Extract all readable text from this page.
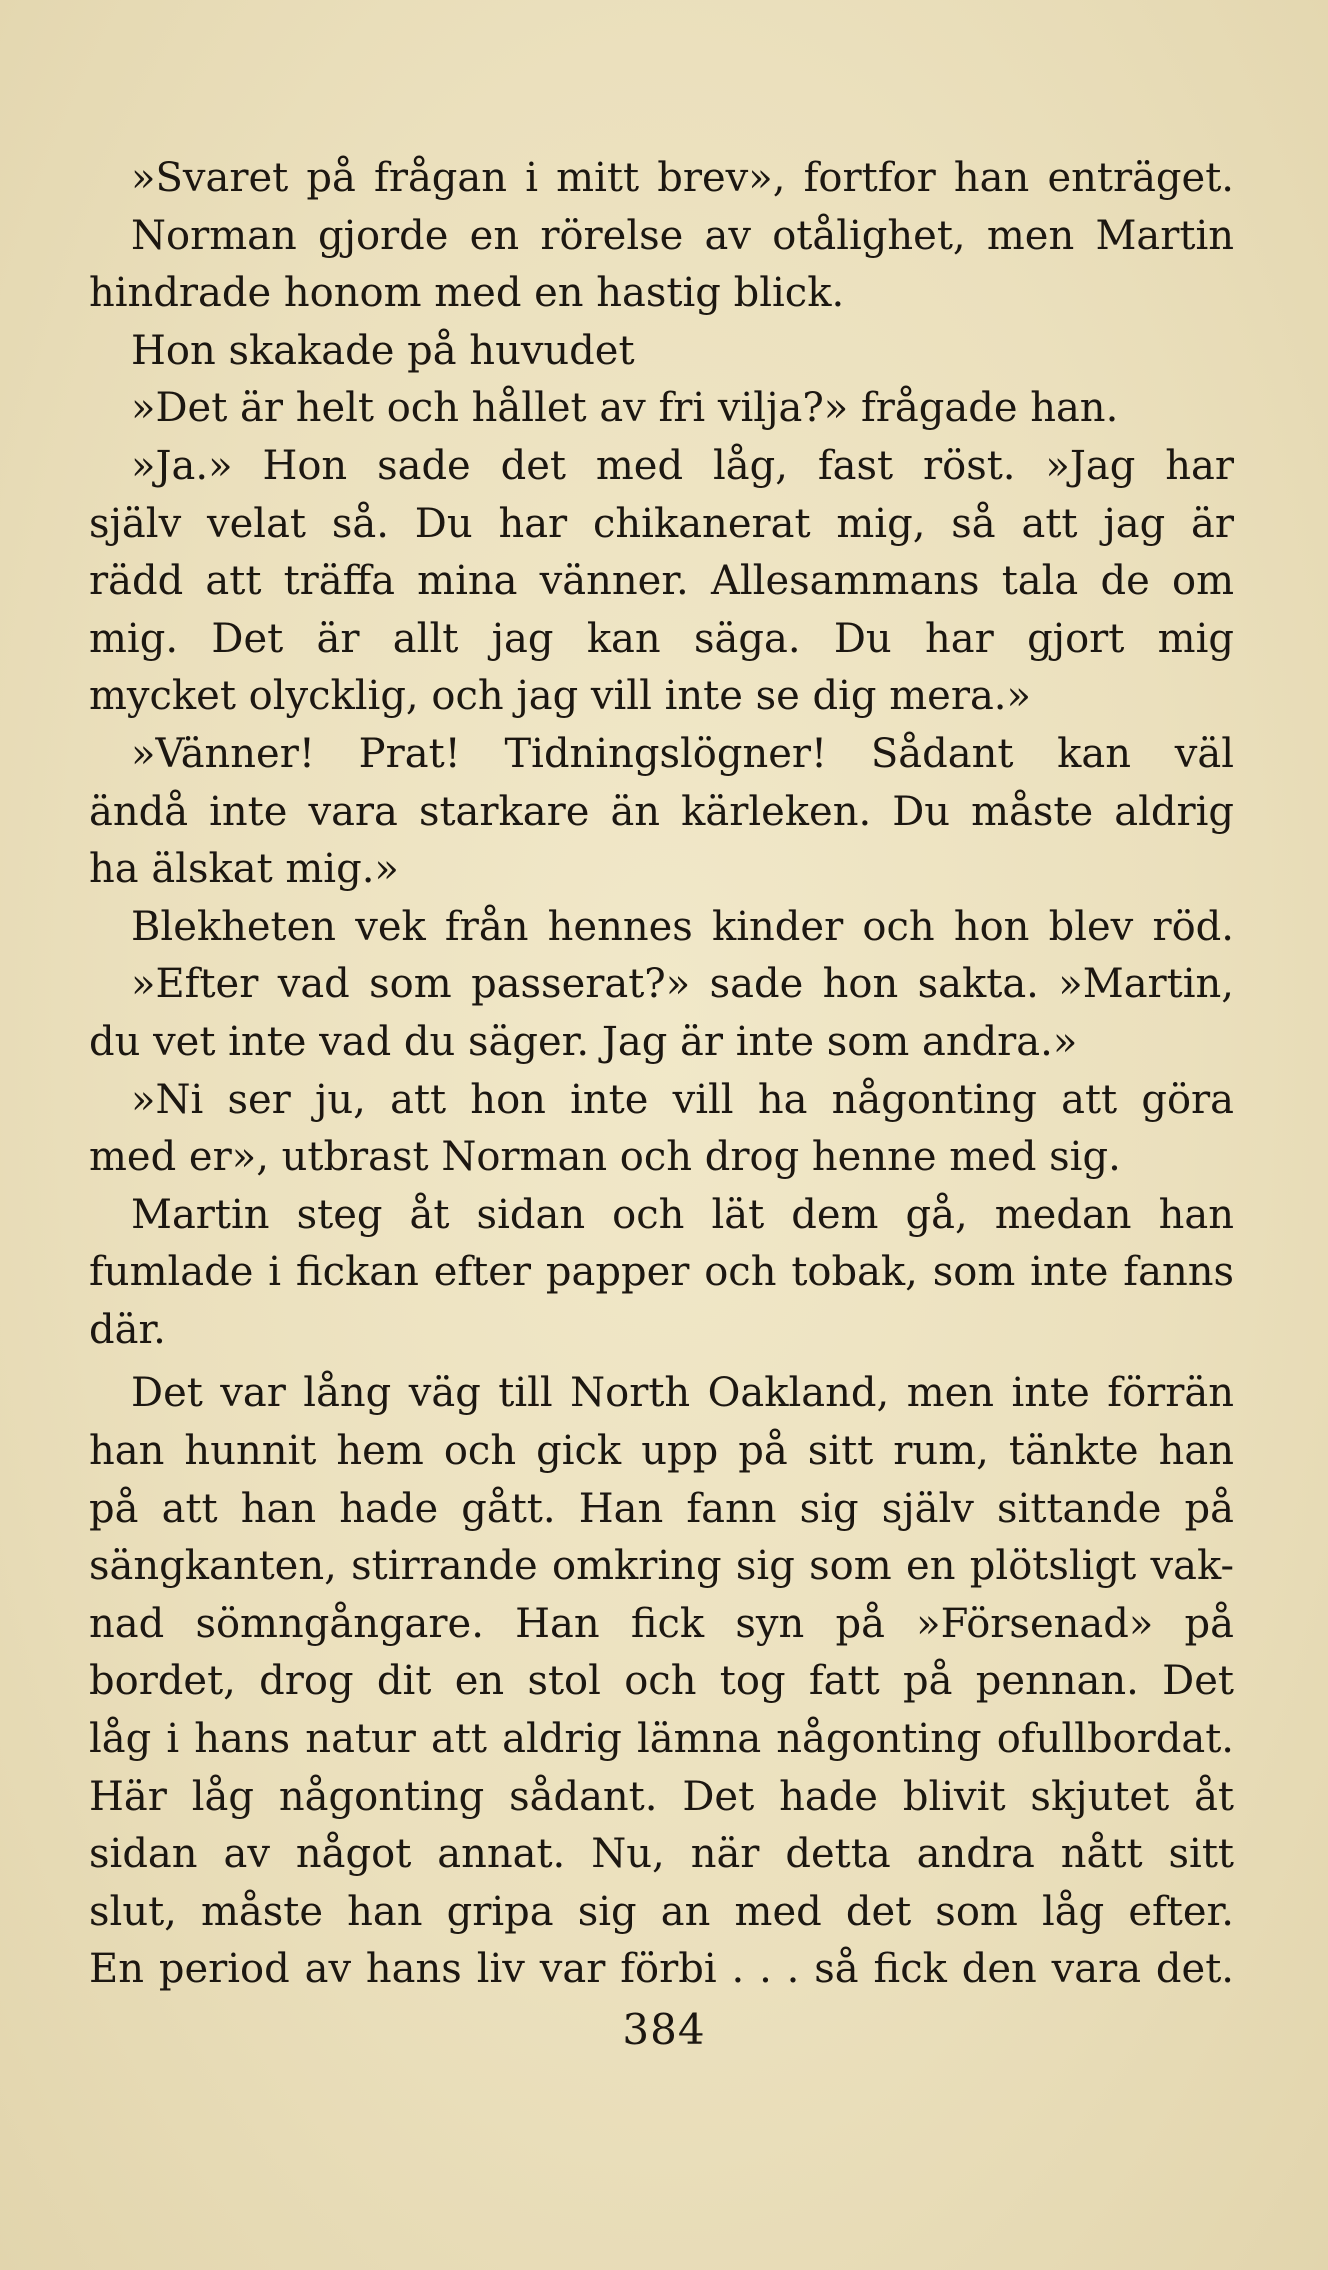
»Svaret på frågan i mitt brev», fortfor han enträget.
Norman gjorde en rörelse av otålighet, men Martin
hindrade honom med en hastig blick.
Hon skakade på huvudet
»Det är helt och hållet av fri vilja?» frågade han.
»Ja.» Hon sade det med låg, fast röst. »Jag har
själv velat så. Du har chikanerat mig, så att jag är
rädd att träffa mina vänner. Allesammans tala de om
mig. Det är allt jag kan säga. Du har gjort mig
mycket olycklig, och jag vill inte se dig mera.»
»Vänner! Prat! Tidningslögner! Sådant kan väl
ändå inte vara starkare än kärleken. Du måste aldrig
ha älskat mig.»
Blekheten vek från hennes kinder och hon blev röd.
»Efter vad som passerat?» sade hon sakta. »Martin,
du vet inte vad du säger. Jag är inte som andra.»
»Ni ser ju, att hon inte vill ha någonting att göra
med er», utbrast Norman och drog henne med sig.
Martin steg åt sidan och lät dem gå, medan han
fumlade i fickan efter papper och tobak, som inte fanns
där.
Det var lång väg till North Oakland, men inte förrän
han hunnit hem och gick upp på sitt rum, tänkte han
på att han hade gått. Han fann sig själv sittande på
sängkanten, stirrande omkring sig som en plötsligt vak-
nad sömngångare. Han fick syn på »Försenad» på
bordet, drog dit en stol och tog fatt på pennan. Det
låg i hans natur att aldrig lämna någonting ofullbordat.
Här låg någonting sådant. Det hade blivit skjutet åt
sidan av något annat. Nu, när detta andra nått sitt
slut, måste han gripa sig an med det som låg efter.
En period av hans liv var förbi . . . så fick den vara det.
384
